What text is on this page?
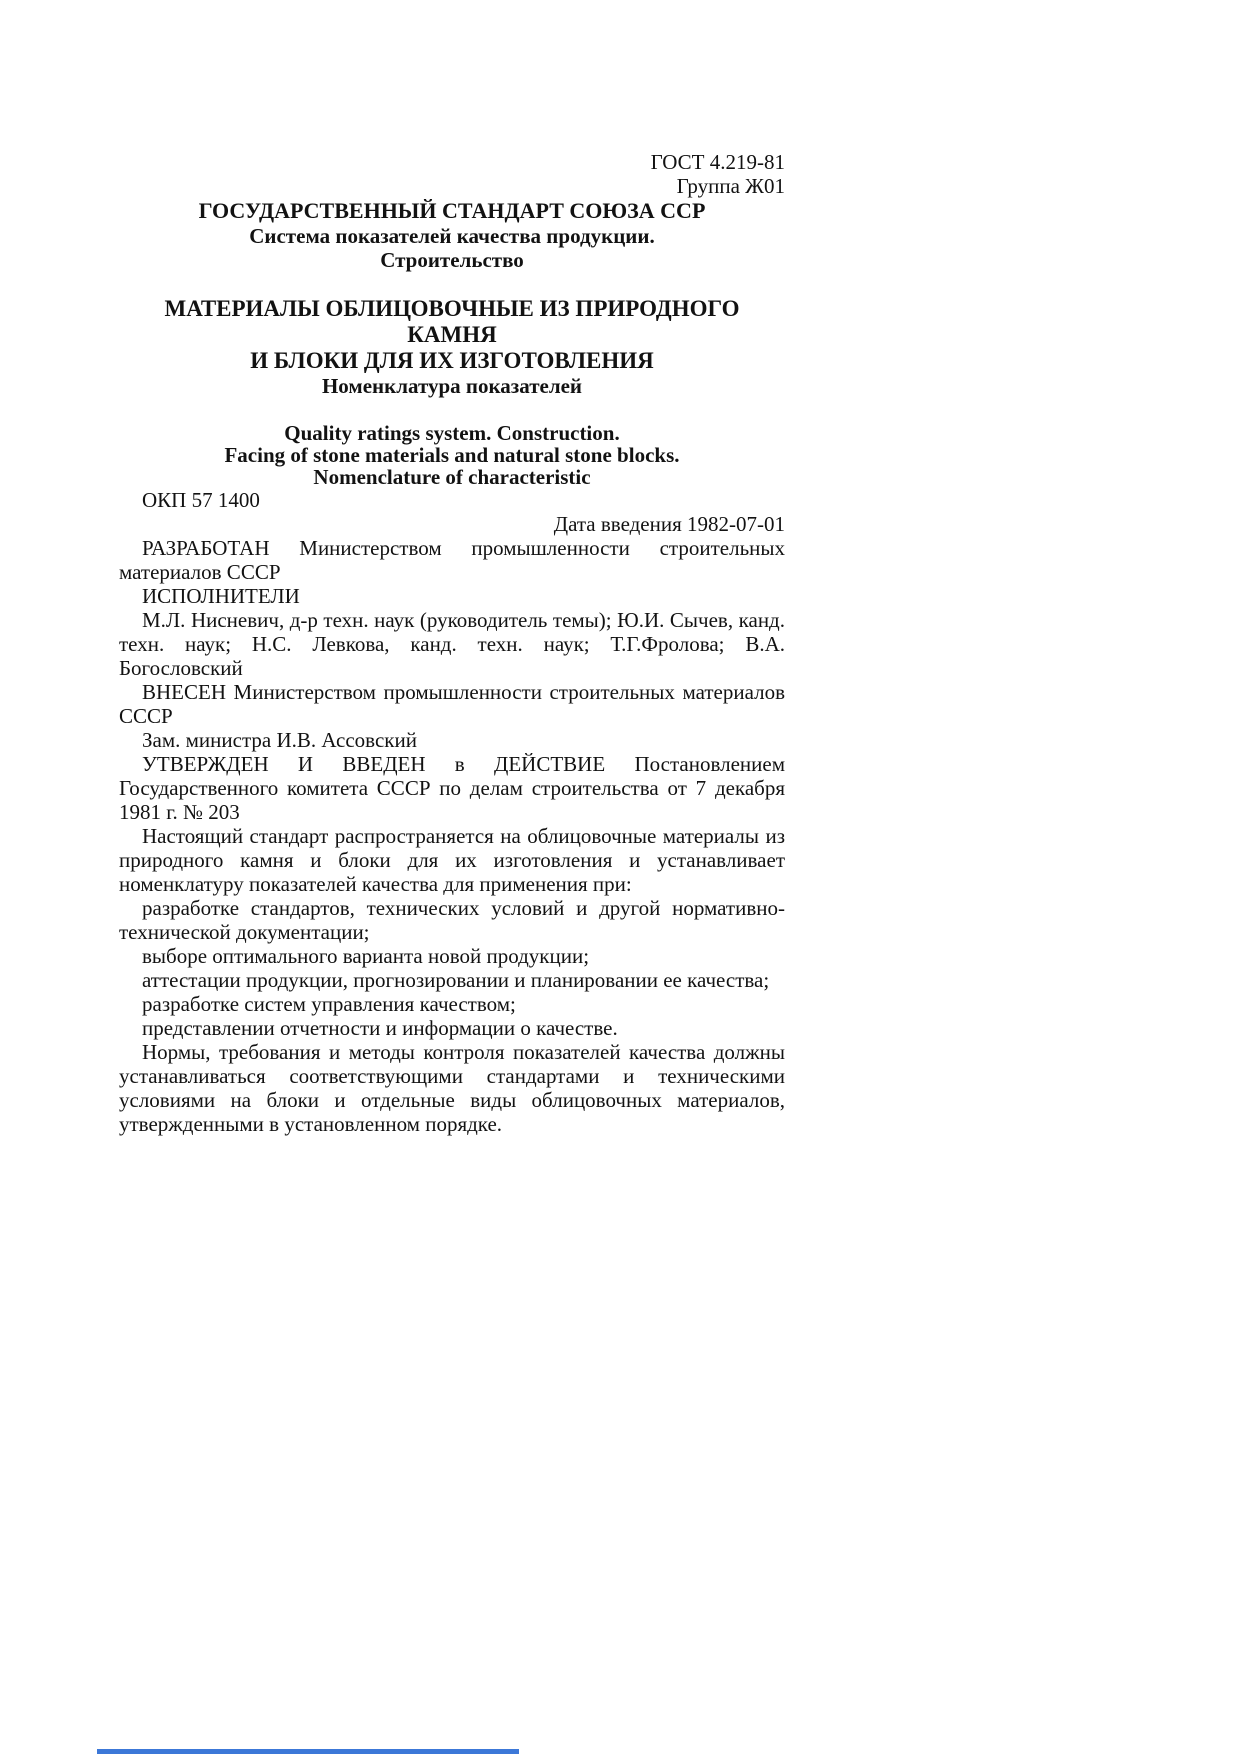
ГОСТ 4.219-81

Группа Ж01

ГОСУДАРСТВЕННЫЙ СТАНДАРТ СОЮЗА ССР

Система показателей качества продукции.

Строительство

МАТЕРИАЛЫ ОБЛИЦОВОЧНЫЕ ИЗ ПРИРОДНОГО КАМНЯ
И БЛОКИ ДЛЯ ИХ ИЗГОТОВЛЕНИЯ

Номенклатура показателей

Quality ratings system. Construction.
Facing of stone materials and natural stone blocks.
Nomenclature of characteristic

ОКП 57 1400

Дата введения 1982-07-01

РАЗРАБОТАН Министерством промышленности строительных материалов СССР

ИСПОЛНИТЕЛИ

М.Л. Нисневич, д-р техн. наук (руководитель темы); Ю.И. Сычев, канд. техн. наук; Н.С. Левкова, канд. техн. наук; Т.Г.Фролова; В.А. Богословский

ВНЕСЕН Министерством промышленности строительных материалов СССР

Зам. министра И.В. Ассовский

УТВЕРЖДЕН И ВВЕДЕН в ДЕЙСТВИЕ Постановлением Государственного комитета СССР по делам строительства от 7 декабря 1981 г. № 203

Настоящий стандарт распространяется на облицовочные материалы из природного камня и блоки для их изготовления и устанавливает номенклатуру показателей качества для применения при:

разработке стандартов, технических условий и другой нормативно-технической документации;

выборе оптимального варианта новой продукции;

аттестации продукции, прогнозировании и планировании ее качества;

разработке систем управления качеством;

представлении отчетности и информации о качестве.

Нормы, требования и методы контроля показателей качества должны устанавливаться соответствующими стандартами и техническими условиями на блоки и отдельные виды облицовочных материалов, утвержденными в установленном порядке.
